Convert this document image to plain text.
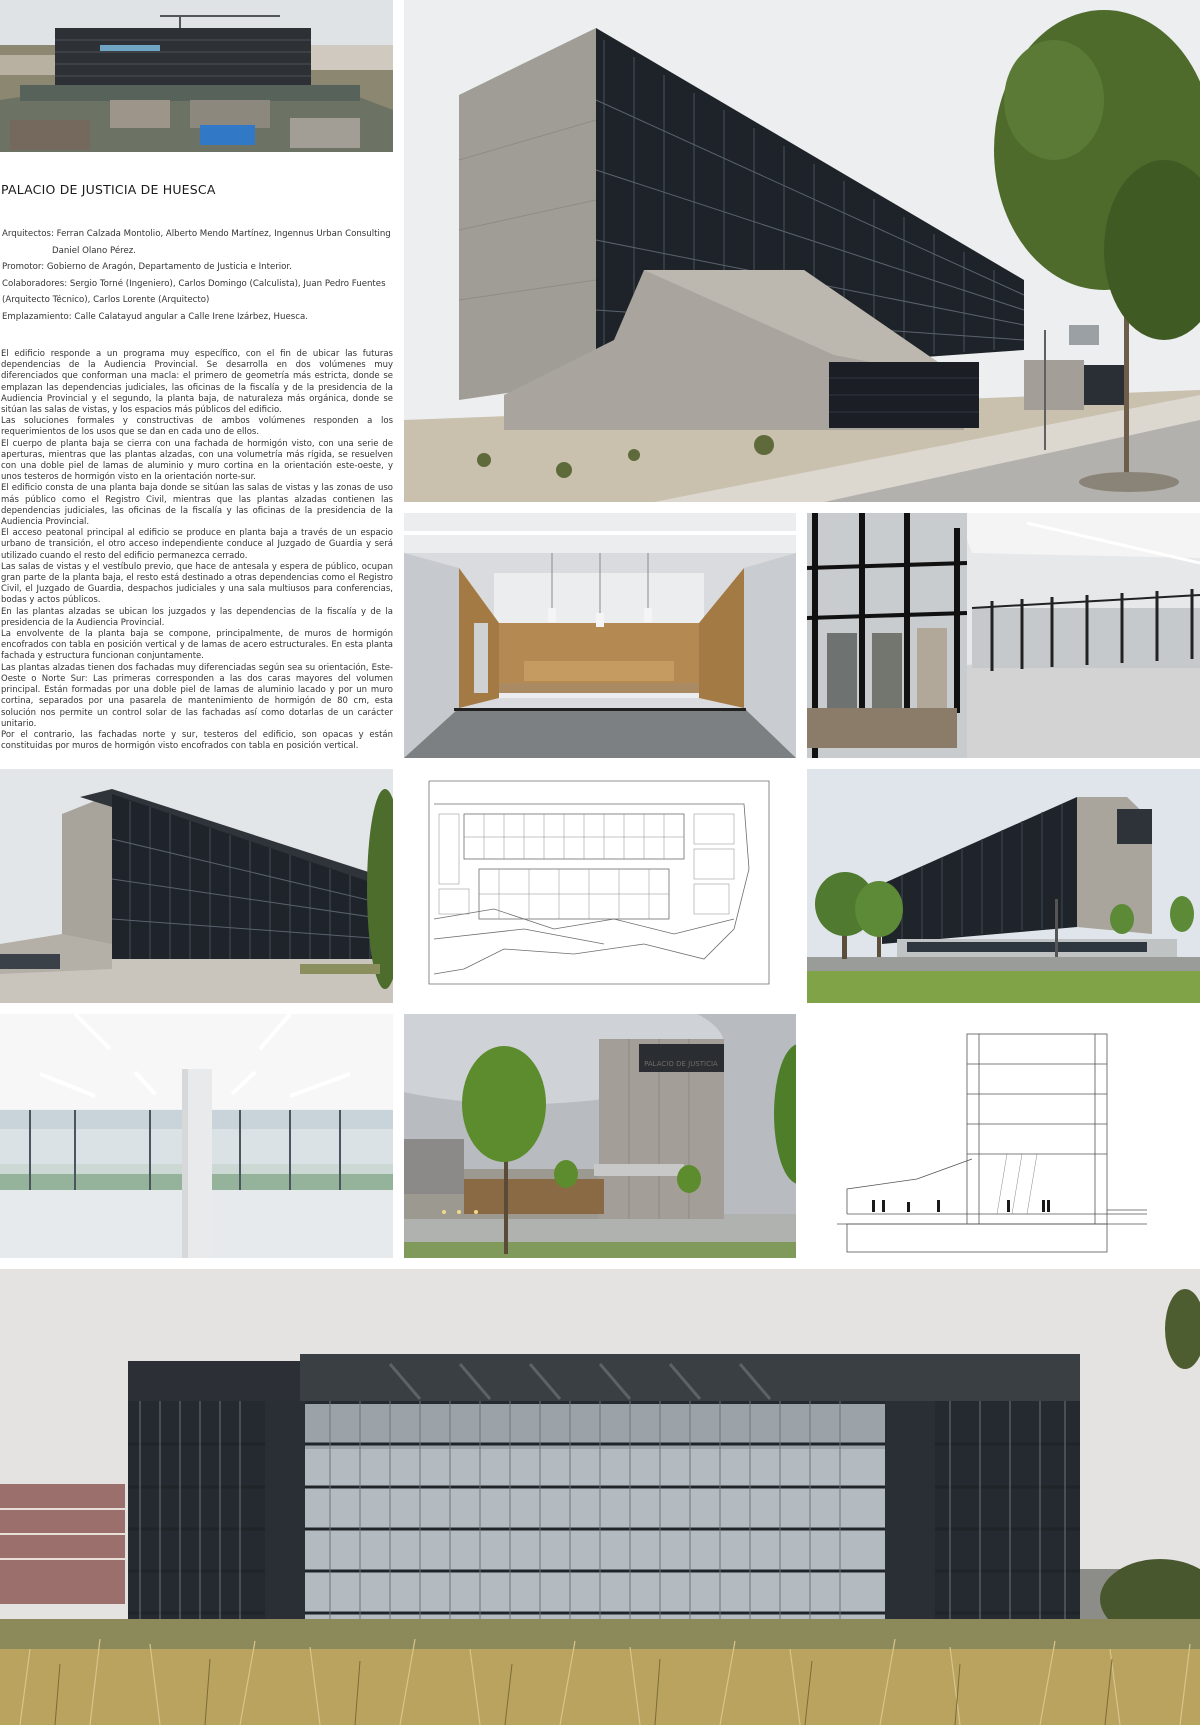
PALACIO DE JUSTICIA DE HUESCA
Arquitectos: Ferran Calzada Montolio, Alberto Mendo Martínez, Ingennus Urban Consulting
Daniel Olano Pérez.
Promotor: Gobierno de Aragón, Departamento de Justicia e Interior.
Colaboradores: Sergio Torné (Ingeniero), Carlos Domingo (Calculista), Juan Pedro Fuentes
(Arquitecto Técnico), Carlos Lorente (Arquitecto)
Emplazamiento: Calle Calatayud angular a Calle Irene Izárbez, Huesca.

El edificio responde a un programa muy específico, con el fin de ubicar las futuras dependencias de la Audiencia Provincial. Se desarrolla en dos volúmenes muy diferenciados que conforman una macla: el primero de geometría más estricta, donde se emplazan las dependencias judiciales, las oficinas de la fiscalía y de la presidencia de la Audiencia Provincial y el segundo, la planta baja, de naturaleza más orgánica, donde se sitúan las salas de vistas, y los espacios más públicos del edificio.

Las soluciones formales y constructivas de ambos volúmenes responden a los requerimientos de los usos que se dan en cada uno de ellos.

El cuerpo de planta baja se cierra con una fachada de hormigón visto, con una serie de aperturas, mientras que las plantas alzadas, con una volumetría más rígida, se resuelven con una doble piel de lamas de aluminio y muro cortina en la orientación este-oeste, y unos testeros de hormigón visto en la orientación norte-sur.

El edificio consta de una planta baja donde se sitúan las salas de vistas y las zonas de uso más público como el Registro Civil, mientras que las plantas alzadas contienen las dependencias judiciales, las oficinas de la fiscalía y las oficinas de la presidencia de la Audiencia Provincial.

El acceso peatonal principal al edificio se produce en planta baja a través de un espacio urbano de transición, el otro acceso independiente conduce al Juzgado de Guardia y será utilizado cuando el resto del edificio permanezca cerrado.

Las salas de vistas y el vestíbulo previo, que hace de antesala y espera de público, ocupan gran parte de la planta baja, el resto está destinado a otras dependencias como el Registro Civil, el Juzgado de Guardia, despachos judiciales y una sala multiusos para conferencias, bodas y actos públicos.

En las plantas alzadas se ubican los juzgados y las dependencias de la fiscalía y de la presidencia de la Audiencia Provincial.

La envolvente de la planta baja se compone, principalmente, de muros de hormigón encofrados con tabla en posición vertical y de lamas de acero estructurales. En esta planta fachada y estructura funcionan conjuntamente.

Las plantas alzadas tienen dos fachadas muy diferenciadas según sea su orientación, Este-Oeste o Norte Sur: Las primeras corresponden a las dos caras mayores del volumen principal. Están formadas por una doble piel de lamas de aluminio lacado y por un muro cortina, separados por una pasarela de mantenimiento de hormigón de 80 cm, esta solución nos permite un control solar de las fachadas así como dotarlas de un carácter unitario.

Por el contrario, las fachadas norte y sur, testeros del edificio, son opacas y están constituidas por muros de hormigón visto encofrados con tabla en posición vertical.

PALACIO DE JUSTICIA
